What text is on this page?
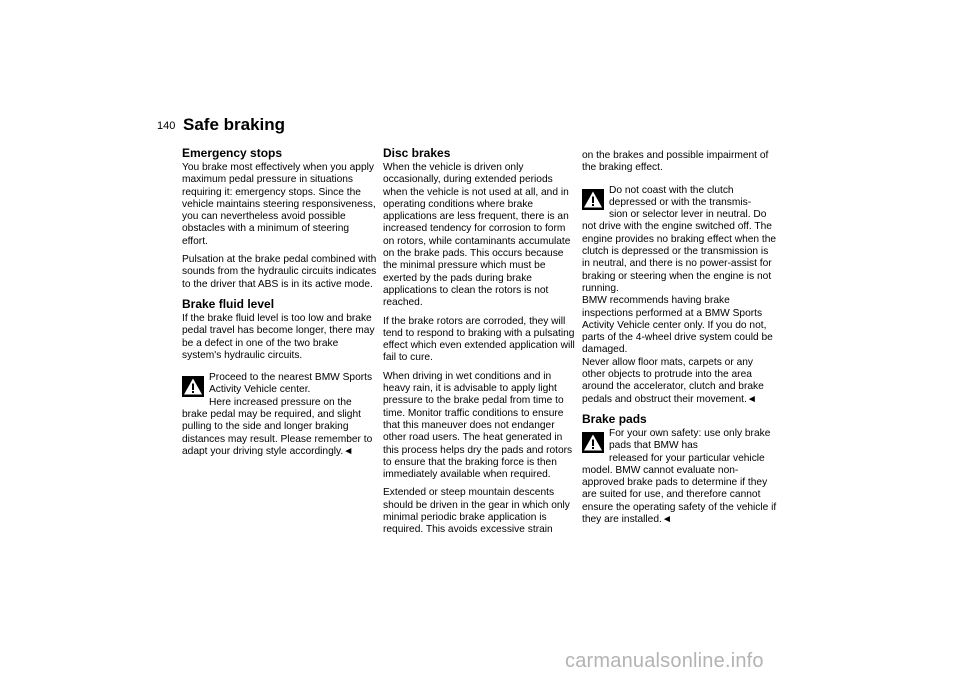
140 Safe braking
Emergency stops

You brake most effectively when you apply maximum pedal pressure in situations requiring it: emergency stops. Since the vehicle maintains steering responsiveness, you can nevertheless avoid possible obstacles with a minimum of steering effort.

Pulsation at the brake pedal combined with sounds from the hydraulic circuits indicates to the driver that ABS is in its active mode.

Brake fluid level

If the brake fluid level is too low and brake pedal travel has become longer, there may be a defect in one of the two brake system's hydraulic circuits.

Proceed to the nearest BMW Sports Activity Vehicle center.
Here increased pressure on the brake pedal may be required, and slight pulling to the side and longer braking distances may result. Please remember to adapt your driving style accordingly.◄
Disc brakes

When the vehicle is driven only occasionally, during extended periods when the vehicle is not used at all, and in operating conditions where brake applications are less frequent, there is an increased tendency for corrosion to form on rotors, while contaminants accumulate on the brake pads. This occurs because the minimal pressure which must be exerted by the pads during brake applications to clean the rotors is not reached.

If the brake rotors are corroded, they will tend to respond to braking with a pulsating effect which even extended application will fail to cure.

When driving in wet conditions and in heavy rain, it is advisable to apply light pressure to the brake pedal from time to time. Monitor traffic conditions to ensure that this maneuver does not endanger other road users. The heat generated in this process helps dry the pads and rotors to ensure that the braking force is then immediately available when required.

Extended or steep mountain descents should be driven in the gear in which only minimal periodic brake application is required. This avoids excessive strain

on the brakes and possible impairment of the braking effect.

Do not coast with the clutch depressed or with the transmis-
sion or selector lever in neutral. Do not drive with the engine switched off. The engine provides no braking effect when the clutch is depressed or the transmission is in neutral, and there is no power-assist for braking or steering when the engine is not running.
BMW recommends having brake inspections performed at a BMW Sports Activity Vehicle center only. If you do not, parts of the 4-wheel drive system could be damaged.
Never allow floor mats, carpets or any other objects to protrude into the area around the accelerator, clutch and brake pedals and obstruct their movement.◄
Brake pads
For your own safety: use only brake pads that BMW has
released for your particular vehicle model. BMW cannot evaluate non-approved brake pads to determine if they are suited for use, and therefore cannot ensure the operating safety of the vehicle if they are installed.◄
carmanualsonline.info
